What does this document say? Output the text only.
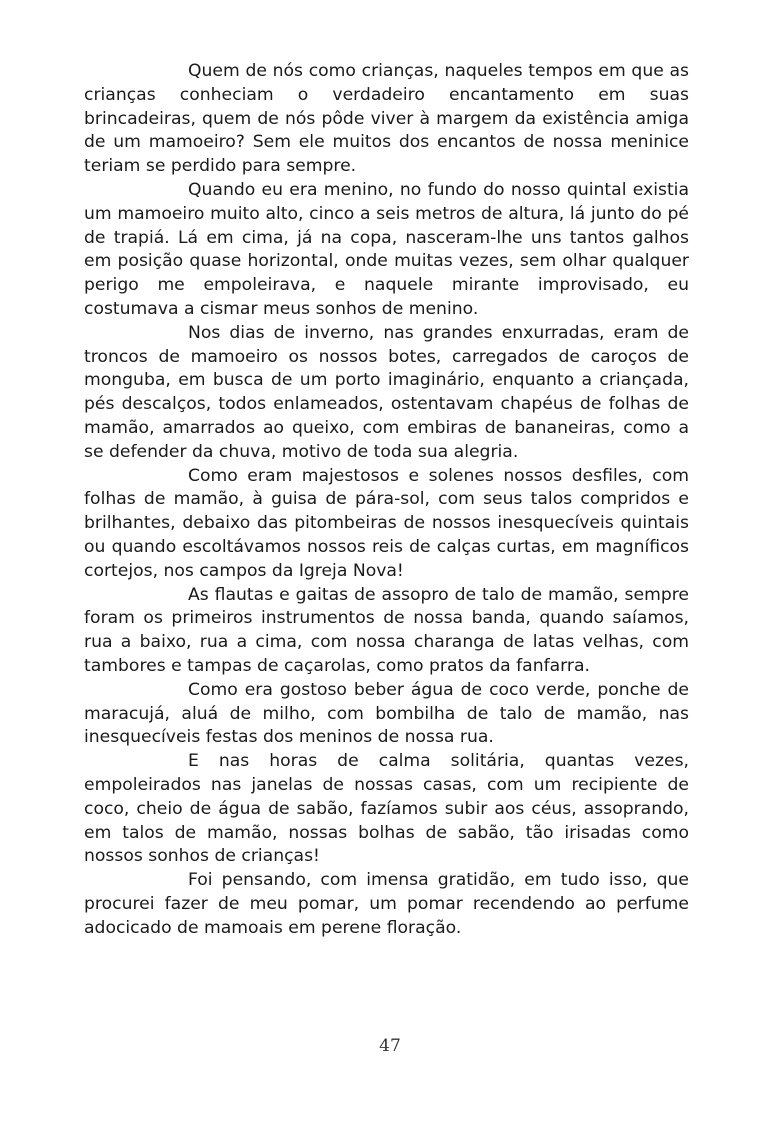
Quem de nós como crianças, naqueles tempos em que as crianças conheciam o verdadeiro encantamento em suas brincadeiras, quem de nós pôde viver à margem da existência amiga de um mamoeiro? Sem ele muitos dos encantos de nossa meninice teriam se perdido para sempre.

Quando eu era menino, no fundo do nosso quintal existia um mamoeiro muito alto, cinco a seis metros de altura, lá junto do pé de trapiá. Lá em cima, já na copa, nasceram-lhe uns tantos galhos em posição quase horizontal, onde muitas vezes, sem olhar qualquer perigo me empoleirava, e naquele mirante improvisado, eu costumava a cismar meus sonhos de menino.

Nos dias de inverno, nas grandes enxurradas, eram de troncos de mamoeiro os nossos botes, carregados de caroços de monguba, em busca de um porto imaginário, enquanto a criançada, pés descalços, todos enlameados, ostentavam chapéus de folhas de mamão, amarrados ao queixo, com embiras de bananeiras, como a se defender da chuva, motivo de toda sua alegria.

Como eram majestosos e solenes nossos desfiles, com folhas de mamão, à guisa de pára-sol, com seus talos compridos e brilhantes, debaixo das pitombeiras de nossos inesquecíveis quintais ou quando escoltávamos nossos reis de calças curtas, em magníficos cortejos, nos campos da Igreja Nova!

As flautas e gaitas de assopro de talo de mamão, sempre foram os primeiros instrumentos de nossa banda, quando saíamos, rua a baixo, rua a cima, com nossa charanga de latas velhas, com tambores e tampas de caçarolas, como pratos da fanfarra.

Como era gostoso beber água de coco verde, ponche de maracujá, aluá de milho, com bombilha de talo de mamão, nas inesquecíveis festas dos meninos de nossa rua.

E nas horas de calma solitária, quantas vezes, empoleirados nas janelas de nossas casas, com um recipiente de coco, cheio de água de sabão, fazíamos subir aos céus, assoprando, em talos de mamão, nossas bolhas de sabão, tão irisadas como nossos sonhos de crianças!

Foi pensando, com imensa gratidão, em tudo isso, que procurei fazer de meu pomar, um pomar recendendo ao perfume adocicado de mamoais em perene floração.

47
